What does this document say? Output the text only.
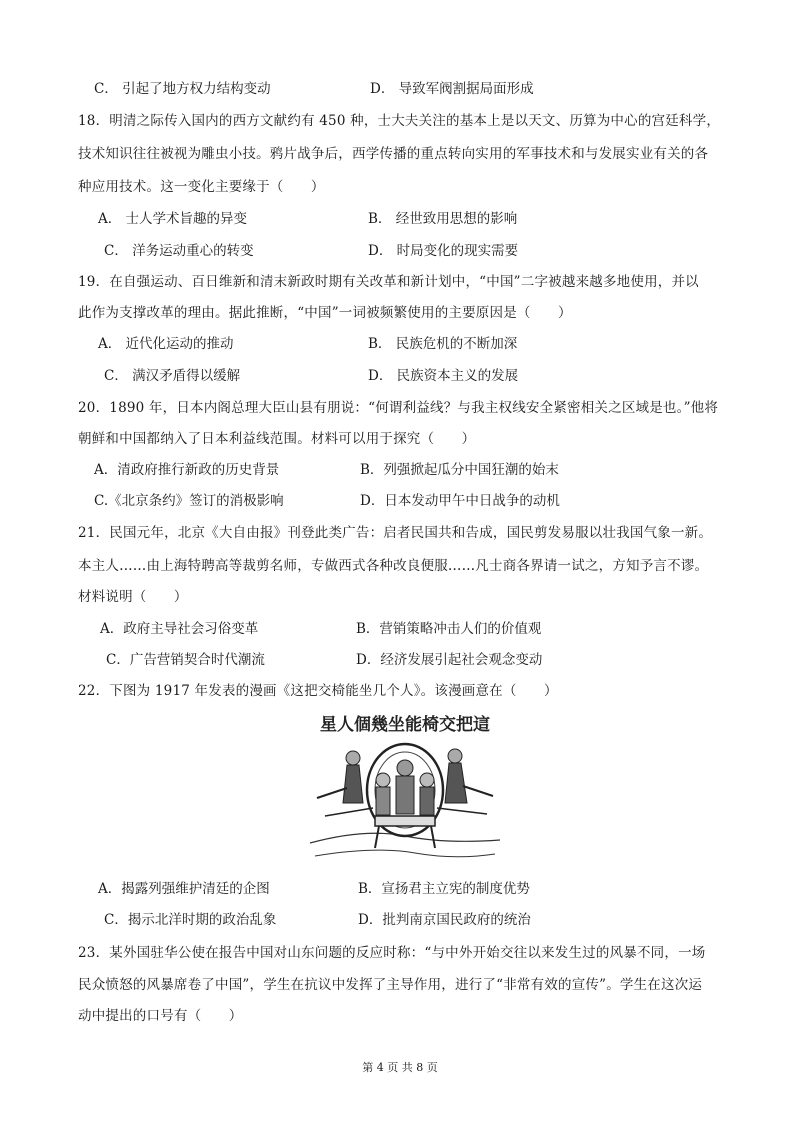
C． 引起了地方权力结构变动	D． 导致军阀割据局面形成
18．明清之际传入国内的西方文献约有 450 种，士大夫关注的基本上是以天文、历算为中心的宫廷科学，
技术知识往往被视为雕虫小技。鸦片战争后，西学传播的重点转向实用的军事技术和与发展实业有关的各
种应用技术。这一变化主要缘于（　　）
A． 士人学术旨趣的异变	B． 经世致用思想的影响
C． 洋务运动重心的转变	D． 时局变化的现实需要
19．在自强运动、百日维新和清末新政时期有关改革和新计划中，“中国”二字被越来越多地使用，并以
此作为支撑改革的理由。据此推断，“中国”一词被频繁使用的主要原因是（　　）
A． 近代化运动的推动	B． 民族危机的不断加深
C． 满汉矛盾得以缓解	D． 民族资本主义的发展
20．1890 年，日本内阁总理大臣山县有朋说：“何谓利益线？与我主权线安全紧密相关之区域是也。”他将
朝鲜和中国都纳入了日本利益线范围。材料可以用于探究（　　）
A．清政府推行新政的历史背景	B．列强掀起瓜分中国狂潮的始末
C.《北京条约》签订的消极影响	D．日本发动甲午中日战争的动机
21．民国元年，北京《大自由报》刊登此类广告：启者民国共和告成，国民剪发易服以壮我国气象一新。
本主人……由上海特聘高等裁剪名师，专做西式各种改良便服……凡士商各界请一试之，方知予言不谬。
材料说明（　　）
A．政府主导社会习俗变革	B．营销策略冲击人们的价值观
C．广告营销契合时代潮流	D．经济发展引起社会观念变动
22．下图为 1917 年发表的漫画《这把交椅能坐几个人》。该漫画意在（　　）
星人個幾坐能椅交把這
A．揭露列强维护清廷的企图	B．宣扬君主立宪的制度优势
C．揭示北洋时期的政治乱象	D．批判南京国民政府的统治
23．某外国驻华公使在报告中国对山东问题的反应时称：“与中外开始交往以来发生过的风暴不同，一场
民众愤怒的风暴席卷了中国”，学生在抗议中发挥了主导作用，进行了“非常有效的宣传”。学生在这次运
动中提出的口号有（　　）
第 4 页 共 8 页
